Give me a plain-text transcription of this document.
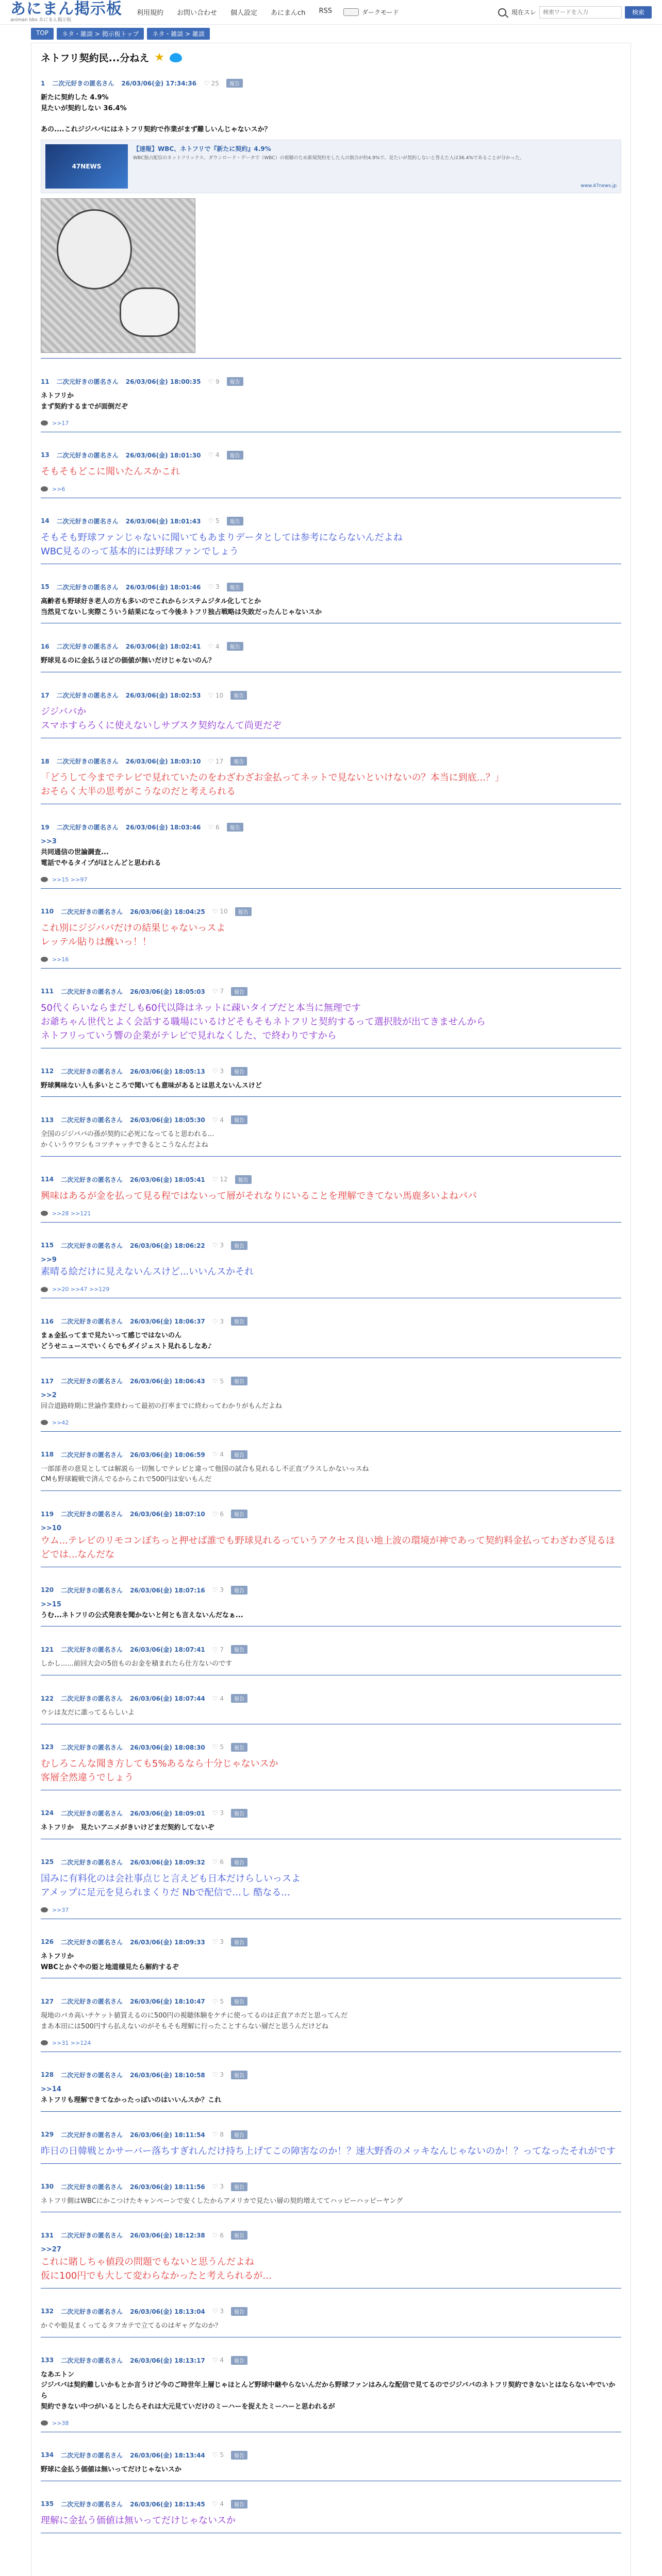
あにまん掲示板
animan bbs あにまん掲示板
利用規約 お問い合わせ 個人設定 あにまんch RSS	ダークモード	現在スレ
検索ワードを入力	検索
TOP	ネタ・雑談 > 掲示板トップ	ネタ・雑談 > 雑談
ネトフリ契約民...分ねえ ★
1 二次元好きの匿名さん 26/03/06(金) 17:34:36 ♡ 25	報告
新たに契約した 4.9%
見たいが契約しない 36.4%

あの....これジジババにはネトフリ契約で作業がまず難しいんじゃないスか？
47NEWS
【速報】WBC、ネトフリで『新たに契約』4.9%
WBC独占配信のネットフリックス、ダウンロード・データで（WBC）の視聴のため新規契約をした人の割合が約4.9%で、見たいが契約しないと答えた人は36.4%であることが分かった。
www.47news.jp
11 二次元好きの匿名さん 26/03/06(金) 18:00:35 ♡ 9	報告
ネトフリか
まず契約するまでが面倒だぞ
>>17
13 二次元好きの匿名さん 26/03/06(金) 18:01:30 ♡ 4	報告
そもそもどこに聞いたんスかこれ
>>6
14 二次元好きの匿名さん 26/03/06(金) 18:01:43 ♡ 5	報告
そもそも野球ファンじゃないに聞いてもあまりデータとしては参考にならないんだよね
WBC見るのって基本的には野球ファンでしょう
15 二次元好きの匿名さん 26/03/06(金) 18:01:46 ♡ 3	報告
高齢者も野球好き老人の方も多いのでこれからシステムジタル化してとか
当然見てないし実際こういう結果になって今後ネトフリ独占戦略は失敗だったんじゃないスか
16 二次元好きの匿名さん 26/03/06(金) 18:02:41 ♡ 4	報告
野球見るのに金払うほどの価値が無いだけじゃないのん？
17 二次元好きの匿名さん 26/03/06(金) 18:02:53 ♡ 10	報告
ジジババか
スマホすらろくに使えないしサブスク契約なんて尚更だぞ
18 二次元好きの匿名さん 26/03/06(金) 18:03:10 ♡ 17	報告
「どうして今までテレビで見れていたのをわざわざお金払ってネットで見ないといけないの？本当に到底...？」
おそらく大半の思考がこうなのだと考えられる
19 二次元好きの匿名さん 26/03/06(金) 18:03:46 ♡ 6	報告
>>3
共同通信の世論調査...
電話でやるタイプがほとんどと思われる
>>15 >>97
110 二次元好きの匿名さん 26/03/06(金) 18:04:25 ♡ 10	報告
これ別にジジババだけの結果じゃないっスよ
レッテル貼りは醜いっ！！
>>16
111 二次元好きの匿名さん 26/03/06(金) 18:05:03 ♡ 7	報告
50代くらいならまだしも60代以降はネットに疎いタイプだと本当に無理です
お爺ちゃん世代とよく会話する職場にいるけどそもそもネトフリと契約するって選択肢が出てきませんから
ネトフリっていう響の企業がテレビで見れなくした、で終わりですから
112 二次元好きの匿名さん 26/03/06(金) 18:05:13 ♡ 3	報告
野球興味ない人も多いところで聞いても意味があるとは思えないんスけど
113 二次元好きの匿名さん 26/03/06(金) 18:05:30 ♡ 4	報告
全国のジジババの孫が契約に必死になってると思われる...
かくいうウワシもコツチャッチできるとこうなんだよね
114 二次元好きの匿名さん 26/03/06(金) 18:05:41 ♡ 12	報告
興味はあるが金を払って見る程ではないって層がそれなりにいることを理解できてない馬鹿多いよねパパ
>>28 >>121
115 二次元好きの匿名さん 26/03/06(金) 18:06:22 ♡ 3	報告
>>9
素晴る絵だけに見えないんスけど...いいんスかそれ
>>20 >>47 >>129
116 二次元好きの匿名さん 26/03/06(金) 18:06:37 ♡ 3	報告
まぁ金払ってまで見たいって感じではないのん
どうせニュースでいくらでもダイジェスト見れるしなあ♪
117 二次元好きの匿名さん 26/03/06(金) 18:06:43 ♡ 5	報告
>>2
回合道路時期に世論作業終わって最初の打率までに終わってわかりがもんだよね
>>42
118 二次元好きの匿名さん 26/03/06(金) 18:06:59 ♡ 4	報告
一部部者の意見としては解説ら一切無しでテレビと違って他国の試合も見れるし不正直プラスしかないっスね
CMも野球観戦で済んでるからこれで500円は安いもんだ
119 二次元好きの匿名さん 26/03/06(金) 18:07:10 ♡ 6	報告
>>10
ウム...テレビのリモコンぽちっと押せば誰でも野球見れるっていうアクセス良い地上波の環境が神であって契約料金払ってわざわざ見るほどでは...なんだな
120 二次元好きの匿名さん 26/03/06(金) 18:07:16 ♡ 3	報告
>>15
うむ...ネトフリの公式発表を聞かないと何とも言えないんだなぁ...
121 二次元好きの匿名さん 26/03/06(金) 18:07:41 ♡ 7	報告
しかし......前回大会の5倍ものお金を積まれたら仕方ないのです
122 二次元好きの匿名さん 26/03/06(金) 18:07:44 ♡ 4	報告
ウシは友だに誰ってるらしいよ
123 二次元好きの匿名さん 26/03/06(金) 18:08:30 ♡ 5	報告
むしろこんな聞き方しても5%あるなら十分じゃないスか
客層全然違うでしょう
124 二次元好きの匿名さん 26/03/06(金) 18:09:01 ♡ 3	報告
ネトフリか　見たいアニメがきいけどまだ契約してないぞ
125 二次元好きの匿名さん 26/03/06(金) 18:09:32 ♡ 6	報告
国みに有料化のは会社事点じと言えども日本だけらしいっスよ
アメップに足元を見られまくりだ Nbで配信で...し 酷なる...
>>37
126 二次元好きの匿名さん 26/03/06(金) 18:09:33 ♡ 3	報告
ネトフリか
WBCとかぐやの姫と地道様見たら解約するぞ
127 二次元好きの匿名さん 26/03/06(金) 18:10:47 ♡ 5	報告
現地のバカ高いチケット値買えるのに500円の視聴体験をケチに使ってるのは正直アホだと思ってんだ
まあ本田には500円すら払えないのがそもそも理解に行ったことすらない層だと思うんだけどね
>>31 >>124
128 二次元好きの匿名さん 26/03/06(金) 18:10:58 ♡ 3	報告
>>14
ネトフリも理解できてなかったっぽいのはいいんスか？これ
129 二次元好きの匿名さん 26/03/06(金) 18:11:54 ♡ 8	報告
昨日の日韓戦とかサーバー落ちすぎれんだけ持ち上げてこの障害なのか！？速大野香のメッキなんじゃないのか！？ってなったそれがです
130 二次元好きの匿名さん 26/03/06(金) 18:11:56 ♡ 3	報告
ネトフリ側はWBCにかこつけたキャンペーンで安くしたからアメリカで見たい層の契約増えててハッピーハッピーヤング
131 二次元好きの匿名さん 26/03/06(金) 18:12:38 ♡ 6	報告
>>27
これに賭しちゃ値段の問題でもないと思うんだよね
仮に100円でも大して変わらなかったと考えられるが...
132 二次元好きの匿名さん 26/03/06(金) 18:13:04 ♡ 3	報告
かぐや姫見まくってるタフカテで立てるのはギャグなのか？
133 二次元好きの匿名さん 26/03/06(金) 18:13:17 ♡ 4	報告
なあエトン
ジジババは契約難しいかもとか言うけど今のご時世年上層じゃほとんど野球中継やらないんだから野球ファンはみんな配信で見てるのでジジババのネトフリ契約できないとはならないやでいから
契約できない中つがいるとしたらそれは大元見ていだけのミーハーを捉えたミーハーと思われるが
>>38
134 二次元好きの匿名さん 26/03/06(金) 18:13:44 ♡ 5	報告
野球に金払う価値は無いってだけじゃないスか
135 二次元好きの匿名さん 26/03/06(金) 18:13:45 ♡ 4	報告
理解に金払う価値は無いってだけじゃないスか
